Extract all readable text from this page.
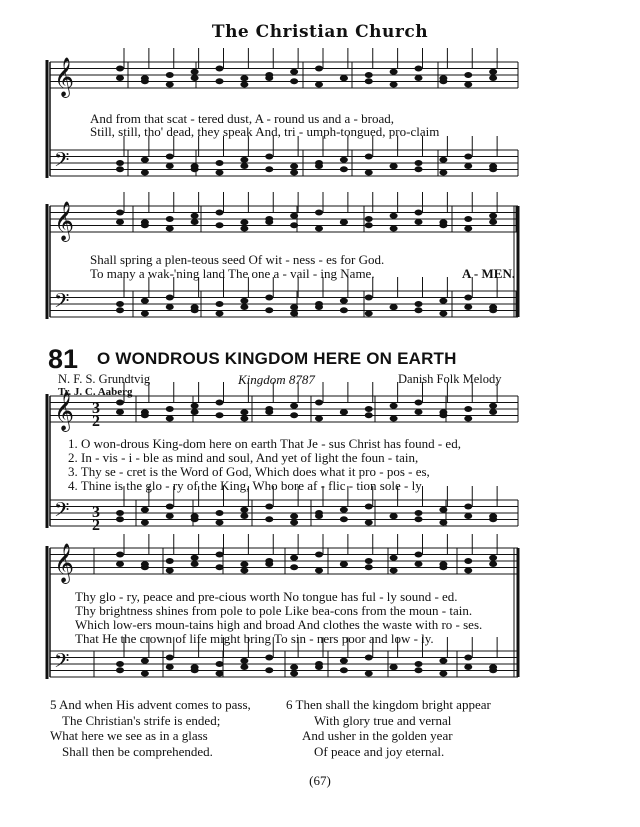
The Christian Church
𝄞
𝄢
𝄞
𝄢
𝄞
𝄢
𝄞
𝄢
3
2
3
2
And from that scat - tered dust, A - round us and a - broad,
Still, still, tho' dead, they speak And, tri - umph-tongued, pro-claim
Shall spring a plen-teous seed Of wit - ness - es for God.
To many a wak-'ning land The one a - vail - ing Name.	A - MEN.
81 O WONDROUS KINGDOM HERE ON EARTH
N. F. S. Grundtvig
Tr. J. C. Aaberg
Kingdom 8787	Danish Folk Melody
1. O won-drous King-dom here on earth That Je - sus Christ has found - ed,
2. In - vis - i - ble as mind and soul, And yet of light the foun - tain,
3. Thy se - cret is the Word of God, Which does what it pro - pos - es,
4. Thine is the glo - ry of the King, Who bore af - flic - tion sole - ly
Thy glo - ry, peace and pre-cious worth No tongue has ful - ly sound - ed.
Thy brightness shines from pole to pole Like bea-cons from the moun - tain.
Which low-ers moun-tains high and broad And clothes the waste with ro - ses.
That He the crown of life might bring To sin - ners poor and low - ly.
5 And when His advent comes to pass,
The Christian's strife is ended;
What here we see as in a glass
Shall then be comprehended.
6 Then shall the kingdom bright appear
With glory true and vernal
And usher in the golden year
Of peace and joy eternal.
(67)
